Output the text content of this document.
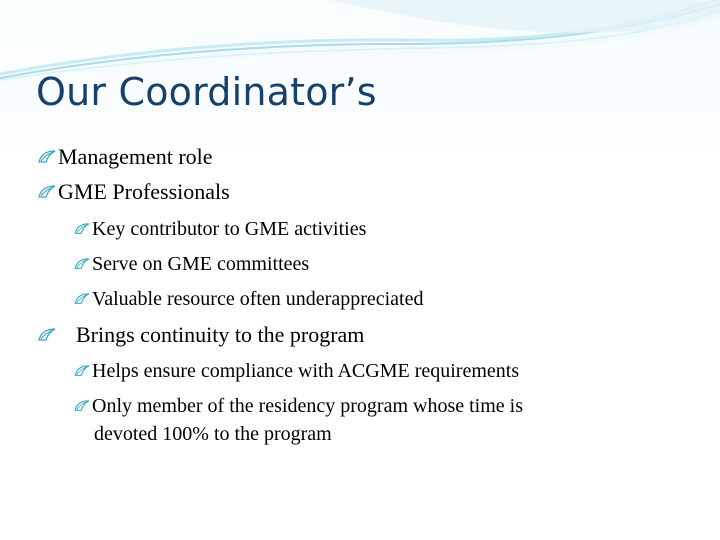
Our Coordinator’s
Management role
GME Professionals
Key contributor to GME activities
Serve on GME committees
Valuable resource often underappreciated
Brings continuity to the program
Helps ensure compliance with ACGME requirements
Only member of the residency program whose time is
devoted 100% to the program
